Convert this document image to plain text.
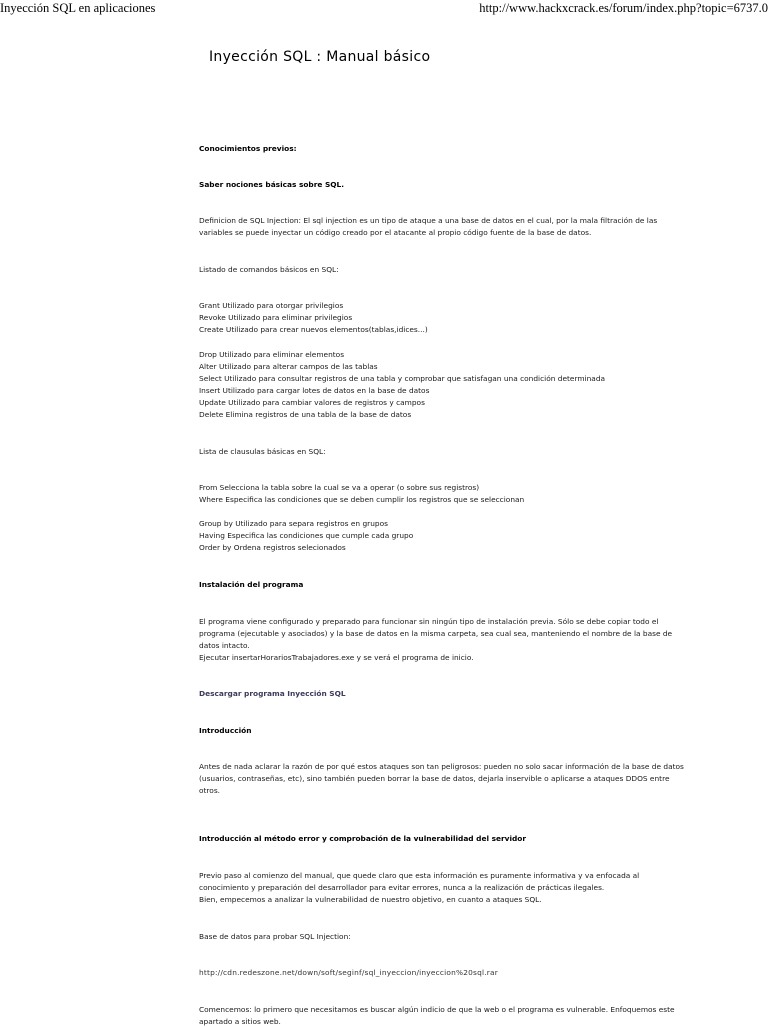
Inyección SQL en aplicaciones	http://www.hackxcrack.es/forum/index.php?topic=6737.0
Inyección SQL : Manual básico
Conocimientos previos:
Saber nociones básicas sobre SQL.
Definicion de SQL Injection: El sql injection es un tipo de ataque a una base de datos en el cual, por la mala filtración de las variables se puede inyectar un código creado por el atacante al propio código fuente de la base de datos.
Listado de comandos básicos en SQL:
Grant Utilizado para otorgar privilegios
Revoke Utilizado para eliminar privilegios
Create Utilizado para crear nuevos elementos(tablas,idices...)
Drop Utilizado para eliminar elementos
Alter Utilizado para alterar campos de las tablas
Select Utilizado para consultar registros de una tabla y comprobar que satisfagan una condición determinada
Insert Utilizado para cargar lotes de datos en la base de datos
Update Utilizado para cambiar valores de registros y campos
Delete Elimina registros de una tabla de la base de datos
Lista de clausulas básicas en SQL:
From Selecciona la tabla sobre la cual se va a operar (o sobre sus registros)
Where Especifica las condiciones que se deben cumplir los registros que se seleccionan
Group by Utilizado para separa registros en grupos
Having Especifica las condiciones que cumple cada grupo
Order by Ordena registros selecionados
Instalación del programa
El programa viene configurado y preparado para funcionar sin ningún tipo de instalación previa. Sólo se debe copiar todo el programa (ejecutable y asociados) y la base de datos en la misma carpeta, sea cual sea, manteniendo el nombre de la base de datos intacto.
Ejecutar insertarHorariosTrabajadores.exe y se verá el programa de inicio.
Descargar programa Inyección SQL
Introducción
Antes de nada aclarar la razón de por qué estos ataques son tan peligrosos: pueden no solo sacar información de la base de datos (usuarios, contraseñas, etc), sino también pueden borrar la base de datos, dejarla inservible o aplicarse a ataques DDOS entre otros.
Introducción al método error y comprobación de la vulnerabilidad del servidor
Previo paso al comienzo del manual, que quede claro que esta información es puramente informativa y va enfocada al conocimiento y preparación del desarrollador para evitar errores, nunca a la realización de prácticas ilegales.
Bien, empecemos a analizar la vulnerabilidad de nuestro objetivo, en cuanto a ataques SQL.
Base de datos para probar SQL Injection:
http://cdn.redeszone.net/down/soft/seginf/sql_inyeccion/inyeccion%20sql.rar
Comencemos: lo primero que necesitamos es buscar algún indicio de que la web o el programa es vulnerable. Enfoquemos este apartado a sitios web.
